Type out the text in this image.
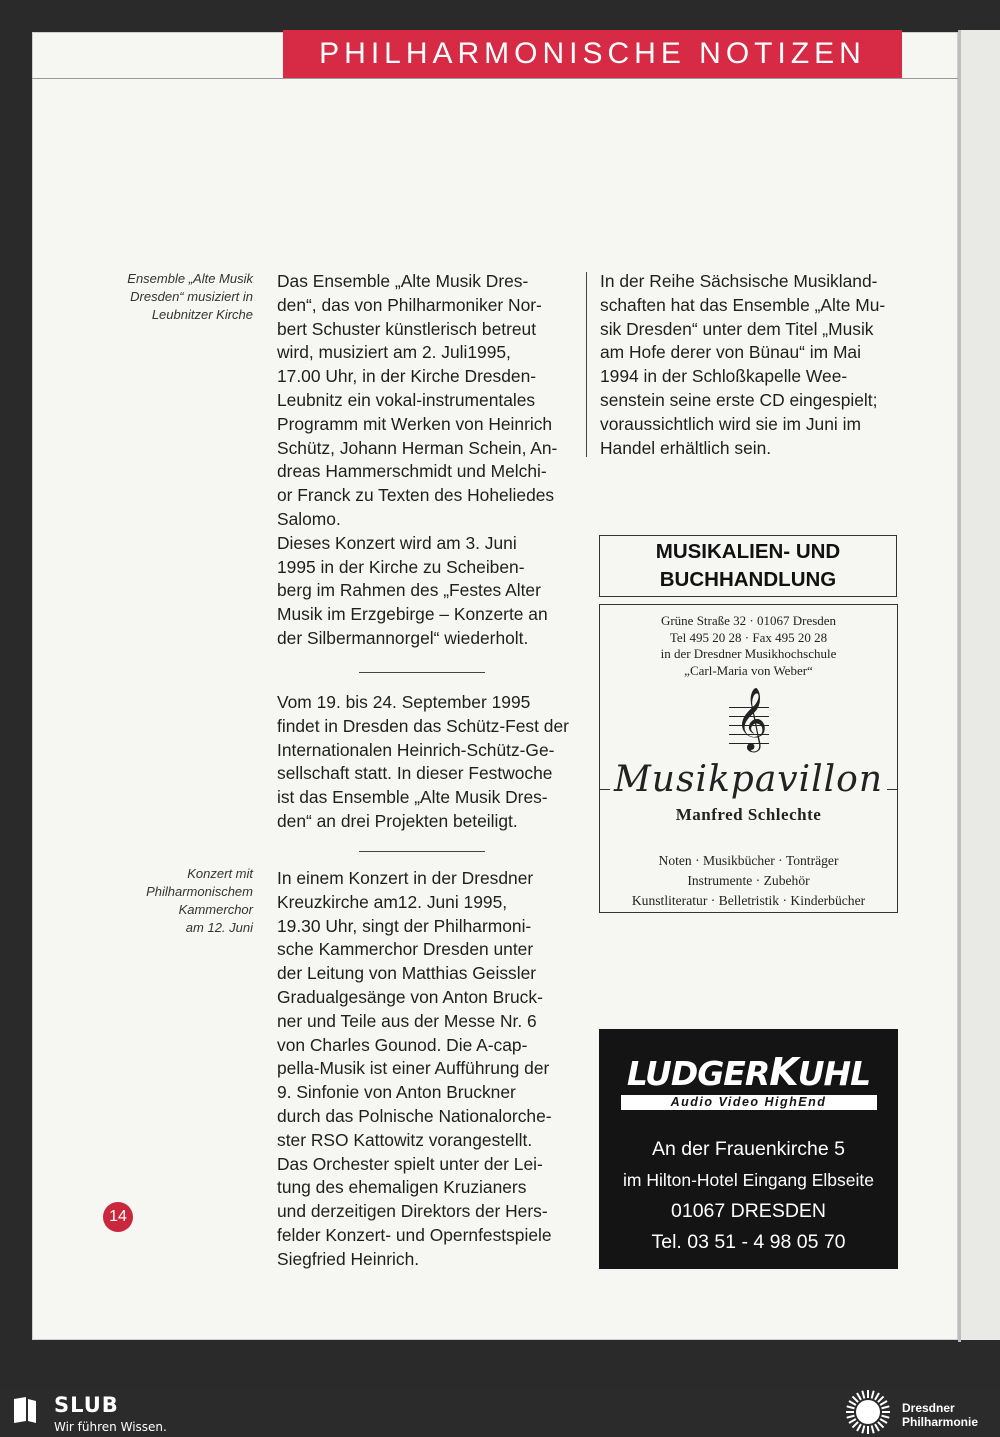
PHILHARMONISCHE NOTIZEN

Ensemble „Alte Musik
Dresden“ musiziert in
Leubnitzer Kirche
Konzert mit
Philharmonischem
Kammerchor
am 12. Juni

Das Ensemble „Alte Musik Dres-
den“, das von Philharmoniker Nor-
bert Schuster künstlerisch betreut
wird, musiziert am 2. Juli1995,
17.00 Uhr, in der Kirche Dresden-
Leubnitz ein vokal-instrumentales
Programm mit Werken von Heinrich
Schütz, Johann Herman Schein, An-
dreas Hammerschmidt und Melchi-
or Franck zu Texten des Hoheliedes
Salomo.

Dieses Konzert wird am 3. Juni
1995 in der Kirche zu Scheiben-
berg im Rahmen des „Festes Alter
Musik im Erzgebirge – Konzerte an
der Silbermannorgel“ wiederholt.

Vom 19. bis 24. September 1995
findet in Dresden das Schütz-Fest der
Internationalen Heinrich-Schütz-Ge-
sellschaft statt. In dieser Festwoche
ist das Ensemble „Alte Musik Dres-
den“ an drei Projekten beteiligt.

In einem Konzert in der Dresdner
Kreuzkirche am12. Juni 1995,
19.30 Uhr, singt der Philharmoni-
sche Kammerchor Dresden unter
der Leitung von Matthias Geissler
Gradualgesänge von Anton Bruck-
ner und Teile aus der Messe Nr. 6
von Charles Gounod. Die A-cap-
pella-Musik ist einer Aufführung der
9. Sinfonie von Anton Bruckner
durch das Polnische Nationalorche-
ster RSO Kattowitz vorangestellt.
Das Orchester spielt unter der Lei-
tung des ehemaligen Kruzianers
und derzeitigen Direktors der Hers-
felder Konzert- und Opernfestspiele
Siegfried Heinrich.

In der Reihe Sächsische Musikland-
schaften hat das Ensemble „Alte Mu-
sik Dresden“ unter dem Titel „Musik
am Hofe derer von Bünau“ im Mai
1994 in der Schloßkapelle Wee-
senstein seine erste CD eingespielt;
voraussichtlich wird sie im Juni im
Handel erhältlich sein.

MUSIKALIEN- UND
BUCHHANDLUNG
Grüne Straße 32 · 01067 Dresden
Tel 495 20 28 · Fax 495 20 28
in der Dresdner Musikhochschule
„Carl-Maria von Weber“
𝄞
Musikpavillon
Manfred Schlechte
Noten · Musikbücher · Tonträger
Instrumente · Zubehör
Kunstliteratur · Belletristik · Kinderbücher
LUDGERKUHL
Audio Video HighEnd
An der Frauenkirche 5
im Hilton-Hotel Eingang Elbseite
01067 DRESDEN
Tel. 03 51 - 4 98 05 70
14
SLUB
Wir führen Wissen.
Dresdner
Philharmonie
